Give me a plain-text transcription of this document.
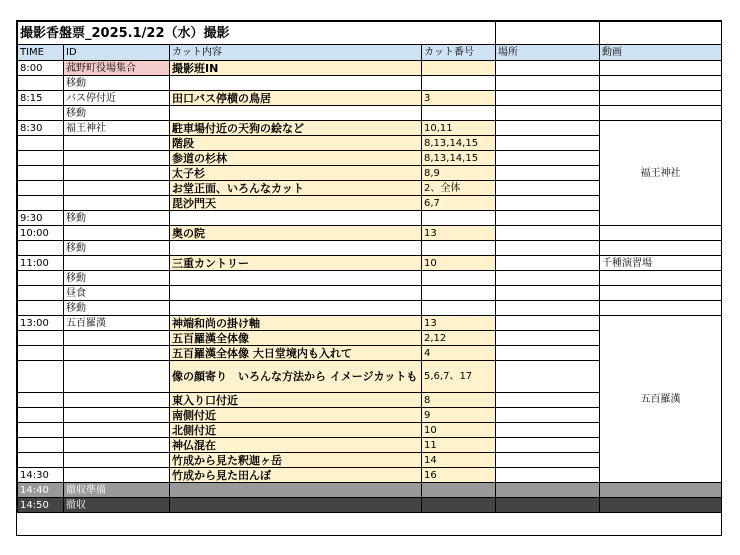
撮影香盤票_2025.1/22（水）撮影					
TIME	ID	カット内容	カット番号	場所	動画
8:00	菰野町役場集合	撮影班IN			
	移動				
8:15	バス停付近	田口バス停横の鳥居	3		
	移動				
8:30	福王神社	駐車場付近の天狗の絵など	10,11		福王神社
		階段	8,13,14,15		
		参道の杉林	8,13,14,15		
		太子杉	8,9		
		お堂正面、いろんなカット	2、全体		
		毘沙門天	6,7		
9:30	移動				
10:00		奥の院	13		
	移動				
11:00		三重カントリー	10		千種演習場
	移動				
	昼食				
	移動				
13:00	五百羅漢	神端和尚の掛け軸	13		五百羅漢
		五百羅漢全体像	2,12		
		五百羅漢全体像 大日堂境内も入れて	4		
		像の顔寄り　いろんな方法から イメージカットも	5,6,7、17		
		東入り口付近	8		
		南側付近	9		
		北側付近	10		
		神仏混在	11		
		竹成から見た釈迦ヶ岳	14		
14:30		竹成から見た田んぼ	16		
14:40	撤収準備				
14:50	撤収				
